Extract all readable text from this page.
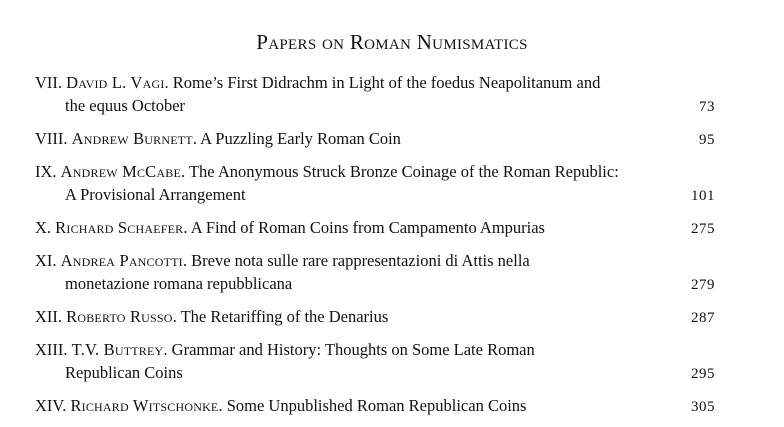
Papers on Roman Numismatics
VII. David L. Vagi. Rome’s First Didrachm in Light of the foedus Neapolitanum and
the equus October	73
VIII. Andrew Burnett. A Puzzling Early Roman Coin	95
IX. Andrew McCabe. The Anonymous Struck Bronze Coinage of the Roman Republic:
A Provisional Arrangement	101
X. Richard Schaefer. A Find of Roman Coins from Campamento Ampurias	275
XI. Andrea Pancotti. Breve nota sulle rare rappresentazioni di Attis nella
monetazione romana repubblicana	279
XII. Roberto Russo. The Retariffing of the Denarius	287
XIII. T.V. Buttrey. Grammar and History: Thoughts on Some Late Roman
Republican Coins	295
XIV. Richard Witschonke. Some Unpublished Roman Republican Coins	305
